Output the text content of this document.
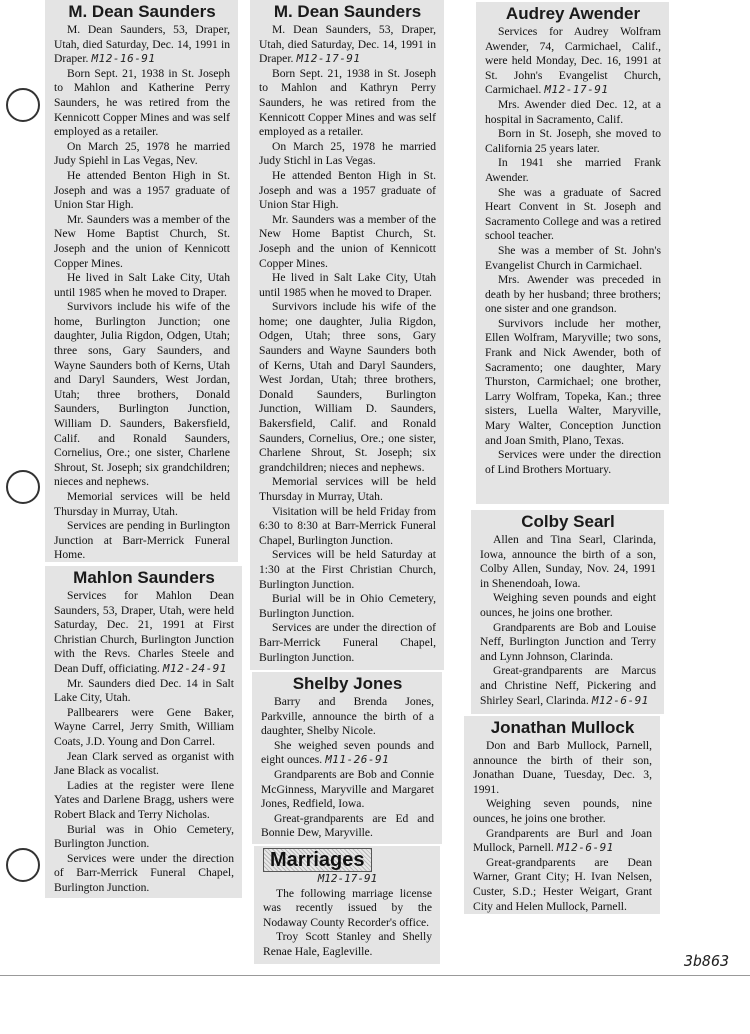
M. Dean Saunders

M. Dean Saunders, 53, Draper, Utah, died Saturday, Dec. 14, 1991 in Draper. M12-16-91

Born Sept. 21, 1938 in St. Joseph to Mahlon and Katherine Perry Saunders, he was retired from the Kennicott Copper Mines and was self employed as a retailer.

On March 25, 1978 he married Judy Spiehl in Las Vegas, Nev.

He attended Benton High in St. Joseph and was a 1957 graduate of Union Star High.

Mr. Saunders was a member of the New Home Baptist Church, St. Joseph and the union of Kennicott Copper Mines.

He lived in Salt Lake City, Utah until 1985 when he moved to Draper.

Survivors include his wife of the home, Burlington Junction; one daughter, Julia Rigdon, Odgen, Utah; three sons, Gary Saunders, and Wayne Saunders both of Kerns, Utah and Daryl Saunders, West Jordan, Utah; three brothers, Donald Saunders, Burlington Junction, William D. Saunders, Bakersfield, Calif. and Ronald Saunders, Cornelius, Ore.; one sister, Charlene Shrout, St. Joseph; six grandchildren; nieces and nephews.

Memorial services will be held Thursday in Murray, Utah.

Services are pending in Burlington Junction at Barr-Merrick Funeral Home.

Mahlon Saunders

Services for Mahlon Dean Saunders, 53, Draper, Utah, were held Saturday, Dec. 21, 1991 at First Christian Church, Burlington Junction with the Revs. Charles Steele and Dean Duff, officiating. M12-24-91

Mr. Saunders died Dec. 14 in Salt Lake City, Utah.

Pallbearers were Gene Baker, Wayne Carrel, Jerry Smith, William Coats, J.D. Young and Don Carrel.

Jean Clark served as organist with Jane Black as vocalist.

Ladies at the register were Ilene Yates and Darlene Bragg, ushers were Robert Black and Terry Nicholas.

Burial was in Ohio Cemetery, Burlington Junction.

Services were under the direction of Barr-Merrick Funeral Chapel, Burlington Junction.

M. Dean Saunders

M. Dean Saunders, 53, Draper, Utah, died Saturday, Dec. 14, 1991 in Draper. M12-17-91

Born Sept. 21, 1938 in St. Joseph to Mahlon and Kathryn Perry Saunders, he was retired from the Kennicott Copper Mines and was self employed as a retailer.

On March 25, 1978 he married Judy Stichl in Las Vegas.

He attended Benton High in St. Joseph and was a 1957 graduate of Union Star High.

Mr. Saunders was a member of the New Home Baptist Church, St. Joseph and the union of Kennicott Copper Mines.

He lived in Salt Lake City, Utah until 1985 when he moved to Draper.

Survivors include his wife of the home; one daughter, Julia Rigdon, Odgen, Utah; three sons, Gary Saunders and Wayne Saunders both of Kerns, Utah and Daryl Saunders, West Jordan, Utah; three brothers, Donald Saunders, Burlington Junction, William D. Saunders, Bakersfield, Calif. and Ronald Saunders, Cornelius, Ore.; one sister, Charlene Shrout, St. Joseph; six grandchildren; nieces and nephews.

Memorial services will be held Thursday in Murray, Utah.

Visitation will be held Friday from 6:30 to 8:30 at Barr-Merrick Funeral Chapel, Burlington Junction.

Services will be held Saturday at 1:30 at the First Christian Church, Burlington Junction.

Burial will be in Ohio Cemetery, Burlington Junction.

Services are under the direction of Barr-Merrick Funeral Chapel, Burlington Junction.

Shelby Jones

Barry and Brenda Jones, Parkville, announce the birth of a daughter, Shelby Nicole.

She weighed seven pounds and eight ounces. M11-26-91

Grandparents are Bob and Connie McGinness, Maryville and Margaret Jones, Redfield, Iowa.

Great-grandparents are Ed and Bonnie Dew, Maryville.

Marriages
M12-17-91

The following marriage license was recently issued by the Nodaway County Recorder's office.

Troy Scott Stanley and Shelly Renae Hale, Eagleville.

Audrey Awender

Services for Audrey Wolfram Awender, 74, Carmichael, Calif., were held Monday, Dec. 16, 1991 at St. John's Evangelist Church, Carmichael. M12-17-91

Mrs. Awender died Dec. 12, at a hospital in Sacramento, Calif.

Born in St. Joseph, she moved to California 25 years later.

In 1941 she married Frank Awender.

She was a graduate of Sacred Heart Convent in St. Joseph and Sacramento College and was a retired school teacher.

She was a member of St. John's Evangelist Church in Carmichael.

Mrs. Awender was preceded in death by her husband; three brothers; one sister and one grandson.

Survivors include her mother, Ellen Wolfram, Maryville; two sons, Frank and Nick Awender, both of Sacramento; one daughter, Mary Thurston, Carmichael; one brother, Larry Wolfram, Topeka, Kan.; three sisters, Luella Walter, Maryville, Mary Walter, Conception Junction and Joan Smith, Plano, Texas.

Services were under the direction of Lind Brothers Mortuary.

Colby Searl

Allen and Tina Searl, Clarinda, Iowa, announce the birth of a son, Colby Allen, Sunday, Nov. 24, 1991 in Shenendoah, Iowa.

Weighing seven pounds and eight ounces, he joins one brother.

Grandparents are Bob and Louise Neff, Burlington Junction and Terry and Lynn Johnson, Clarinda.

Great-grandparents are Marcus and Christine Neff, Pickering and Shirley Searl, Clarinda. M12-6-91

Jonathan Mullock

Don and Barb Mullock, Parnell, announce the birth of their son, Jonathan Duane, Tuesday, Dec. 3, 1991.

Weighing seven pounds, nine ounces, he joins one brother.

Grandparents are Burl and Joan Mullock, Parnell. M12-6-91

Great-grandparents are Dean Warner, Grant City; H. Ivan Nelsen, Custer, S.D.; Hester Weigart, Grant City and Helen Mullock, Parnell.

3b863
